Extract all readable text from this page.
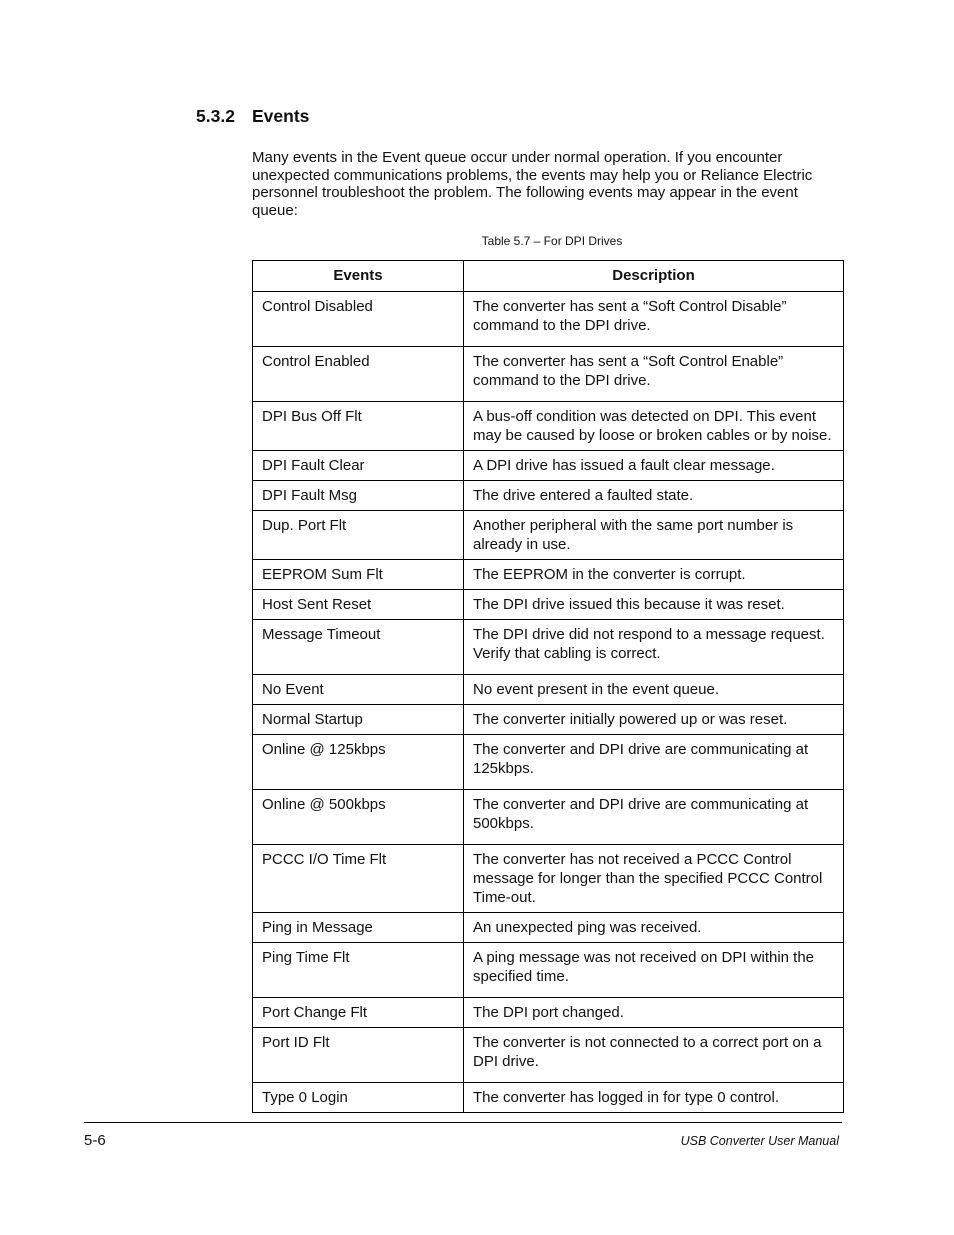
5.3.2 Events
Many events in the Event queue occur under normal operation. If you encounter unexpected communications problems, the events may help you or Reliance Electric personnel troubleshoot the problem. The following events may appear in the event queue:
Table 5.7 – For DPI Drives
Events	Description
Control Disabled	The converter has sent a “Soft Control Disable” command to the DPI drive.
Control Enabled	The converter has sent a “Soft Control Enable” command to the DPI drive.
DPI Bus Off Flt	A bus-off condition was detected on DPI. This event may be caused by loose or broken cables or by noise.
DPI Fault Clear	A DPI drive has issued a fault clear message.
DPI Fault Msg	The drive entered a faulted state.
Dup. Port Flt	Another peripheral with the same port number is already in use.
EEPROM Sum Flt	The EEPROM in the converter is corrupt.
Host Sent Reset	The DPI drive issued this because it was reset.
Message Timeout	The DPI drive did not respond to a message request. Verify that cabling is correct.
No Event	No event present in the event queue.
Normal Startup	The converter initially powered up or was reset.
Online @ 125kbps	The converter and DPI drive are communicating at 125kbps.
Online @ 500kbps	The converter and DPI drive are communicating at 500kbps.
PCCC I/O Time Flt	The converter has not received a PCCC Control message for longer than the specified PCCC Control Time-out.
Ping in Message	An unexpected ping was received.
Ping Time Flt	A ping message was not received on DPI within the specified time.
Port Change Flt	The DPI port changed.
Port ID Flt	The converter is not connected to a correct port on a DPI drive.
Type 0 Login	The converter has logged in for type 0 control.
5-6	USB Converter User Manual
